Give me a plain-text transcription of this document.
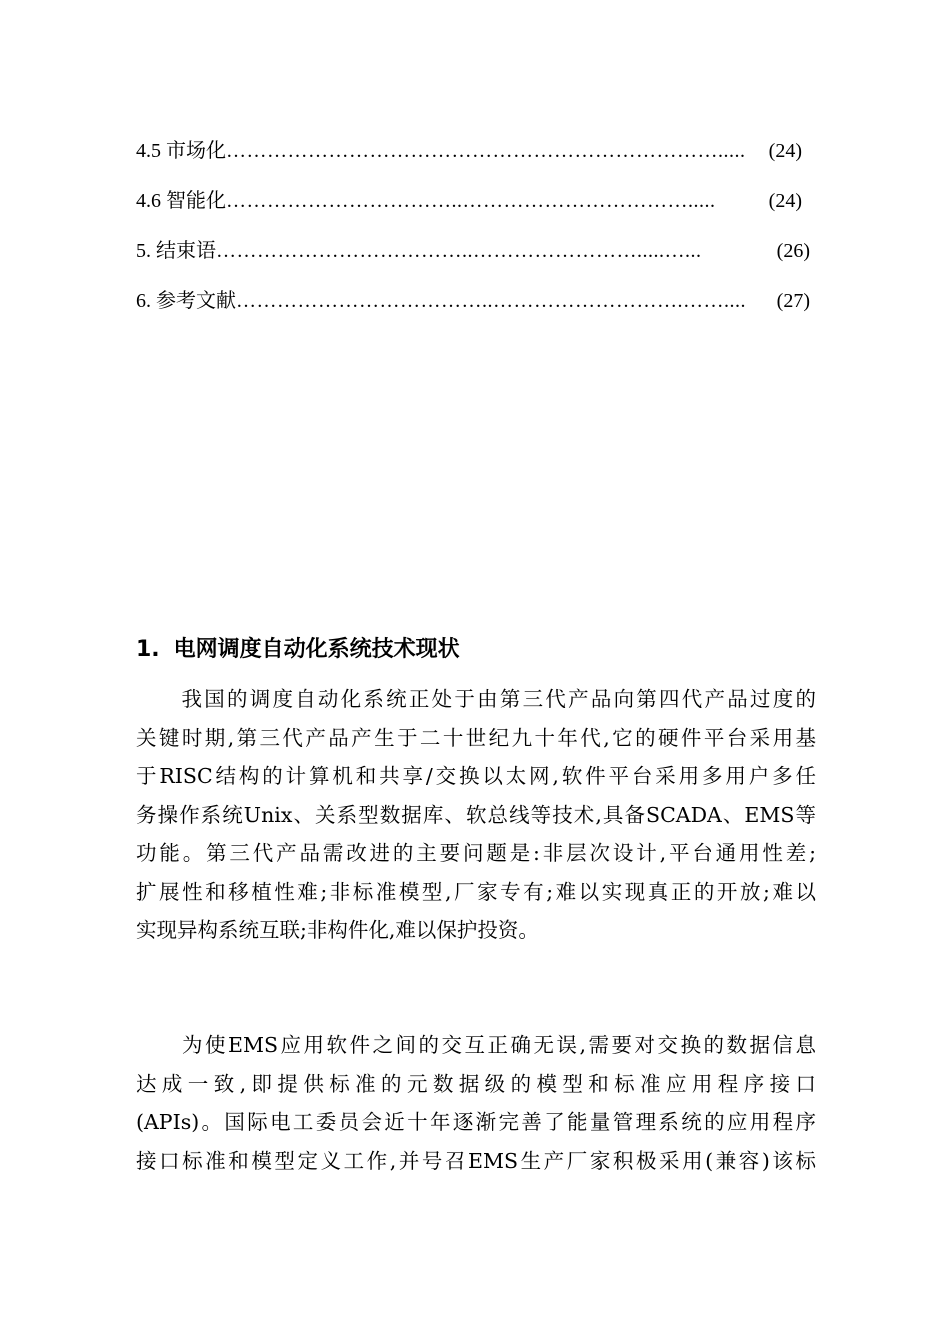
4.5 市场化………………………………………………………………..... (24)
4.6 智能化……………………………..…………………………….....	(24)
5. 结束语………………………………..…………………….....…...	(26)
6. 参考文献………………………………..……………………….…….... (27)
1. 电网调度自动化系统技术现状
　　我国的调度自动化系统正处于由第三代产品向第四代产品过度的
关键时期,第三代产品产生于二十世纪九十年代,它的硬件平台采用基
于RISC结构的计算机和共享/交换以太网,软件平台采用多用户多任
务操作系统Unix、关系型数据库、软总线等技术,具备SCADA、EMS等
功能。第三代产品需改进的主要问题是:非层次设计,平台通用性差;
扩展性和移植性难;非标准模型,厂家专有;难以实现真正的开放;难以
实现异构系统互联;非构件化,难以保护投资。
　　为使EMS应用软件之间的交互正确无误,需要对交换的数据信息
达成一致,即提供标准的元数据级的模型和标准应用程序接口
(APIs)。国际电工委员会近十年逐渐完善了能量管理系统的应用程序
接口标准和模型定义工作,并号召EMS生产厂家积极采用(兼容)该标
